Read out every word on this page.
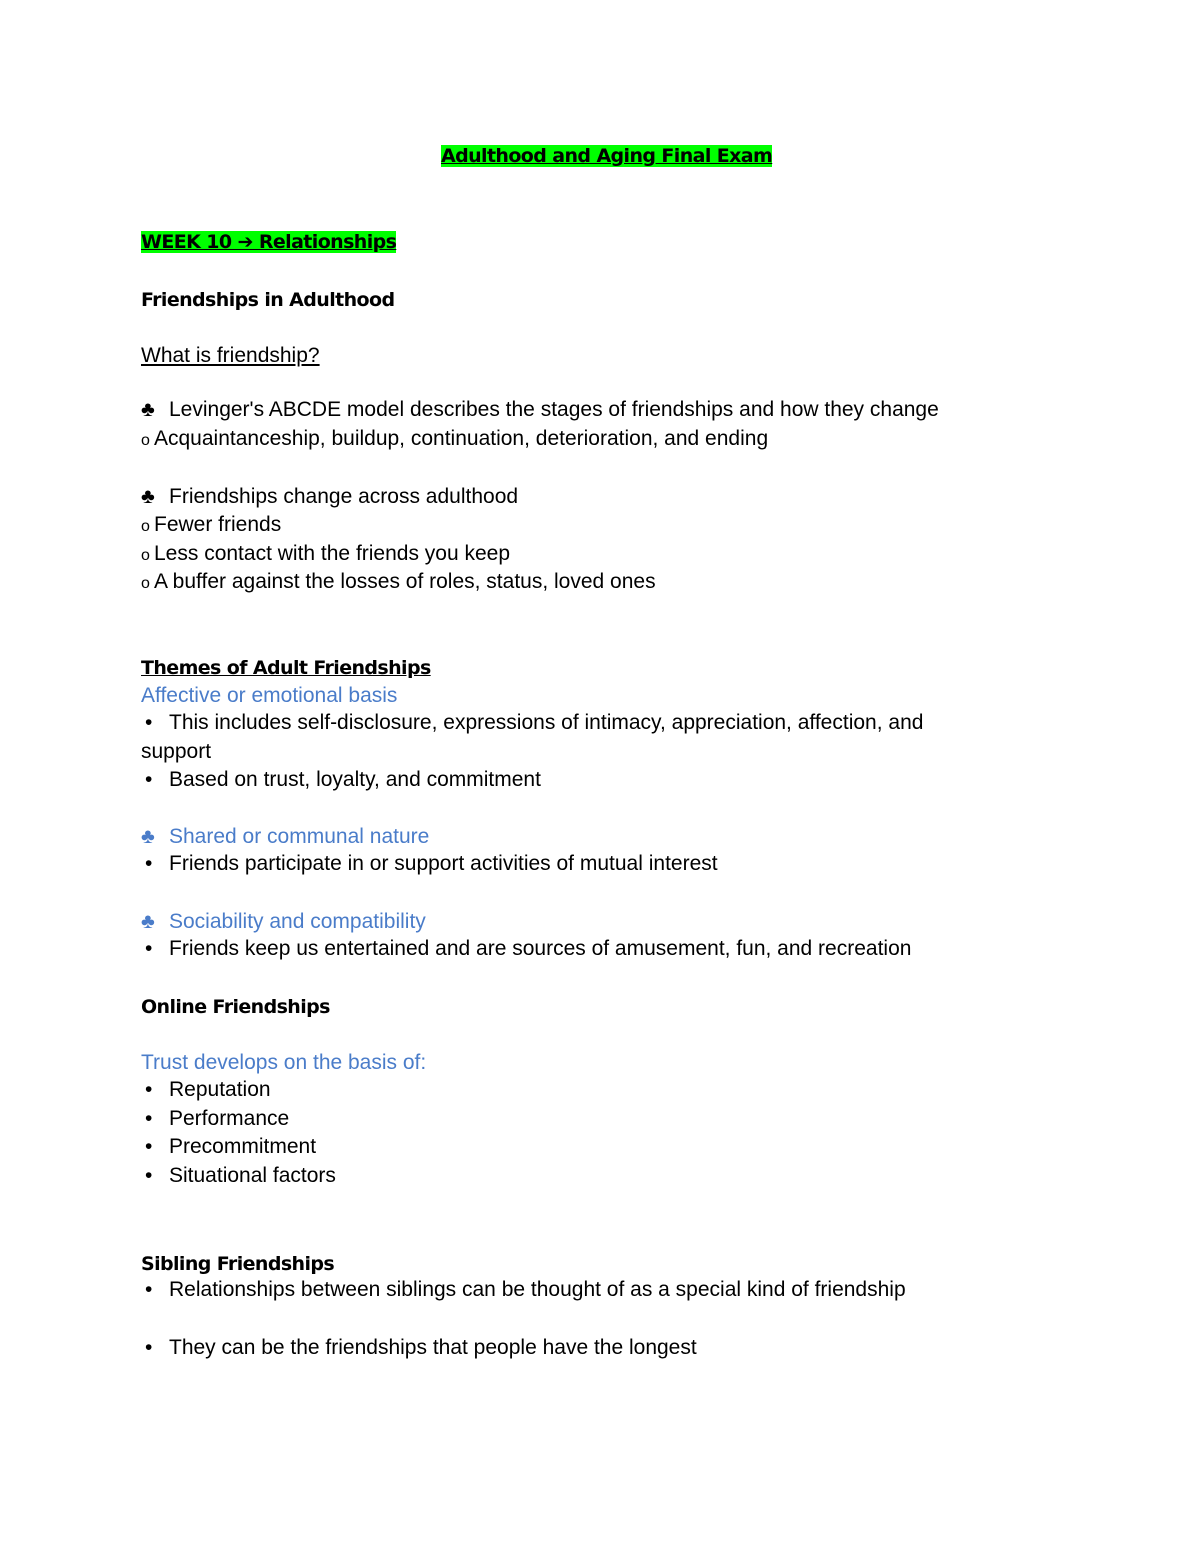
Adulthood and Aging Final Exam
WEEK 10 ➔ Relationships
Friendships in Adulthood
What is friendship?
♣ Levinger's ABCDE model describes the stages of friendships and how they change
o Acquaintanceship, buildup, continuation, deterioration, and ending
♣ Friendships change across adulthood
o Fewer friends
o Less contact with the friends you keep
o A buffer against the losses of roles, status, loved ones
Themes of Adult Friendships
Affective or emotional basis
• This includes self-disclosure, expressions of intimacy, appreciation, affection, and
support
• Based on trust, loyalty, and commitment
♣ Shared or communal nature
• Friends participate in or support activities of mutual interest
♣ Sociability and compatibility
• Friends keep us entertained and are sources of amusement, fun, and recreation
Online Friendships
Trust develops on the basis of:
• Reputation
• Performance
• Precommitment
• Situational factors
Sibling Friendships
• Relationships between siblings can be thought of as a special kind of friendship
• They can be the friendships that people have the longest
